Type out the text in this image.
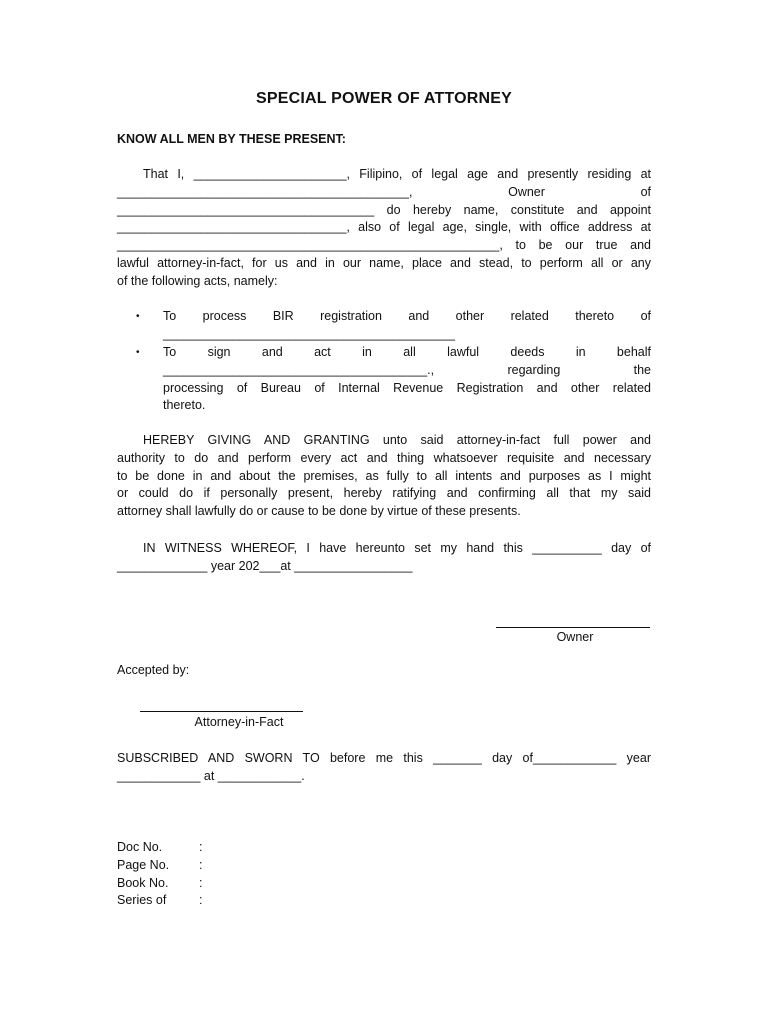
SPECIAL POWER OF ATTORNEY
KNOW ALL MEN BY THESE PRESENT:
That I, ______________________, Filipino, of legal age and presently residing at
__________________________________________, Owner of
_____________________________________ do hereby name, constitute and appoint
_________________________________, also of legal age, single, with office address at
_______________________________________________________, to be our true and
lawful attorney-in-fact, for us and in our name, place and stead, to perform all or any
of the following acts, namely:
• To process BIR registration and other related thereto of
__________________________________________
• To sign and act in all lawful deeds in behalf
______________________________________., regarding the
processing of Bureau of Internal Revenue Registration and other related
thereto.
HEREBY GIVING AND GRANTING unto said attorney-in-fact full power and
authority to do and perform every act and thing whatsoever requisite and necessary
to be done in and about the premises, as fully to all intents and purposes as I might
or could do if personally present, hereby ratifying and confirming all that my said
attorney shall lawfully do or cause to be done by virtue of these presents.
IN WITNESS WHEREOF, I have hereunto set my hand this __________ day of
_____________ year 202___at _________________
Owner
Accepted by:
Attorney-in-Fact
SUBSCRIBED AND SWORN TO before me this _______ day of____________ year
____________ at ____________.
Doc No.	:
Page No. :
Book No. :
Series of	:
